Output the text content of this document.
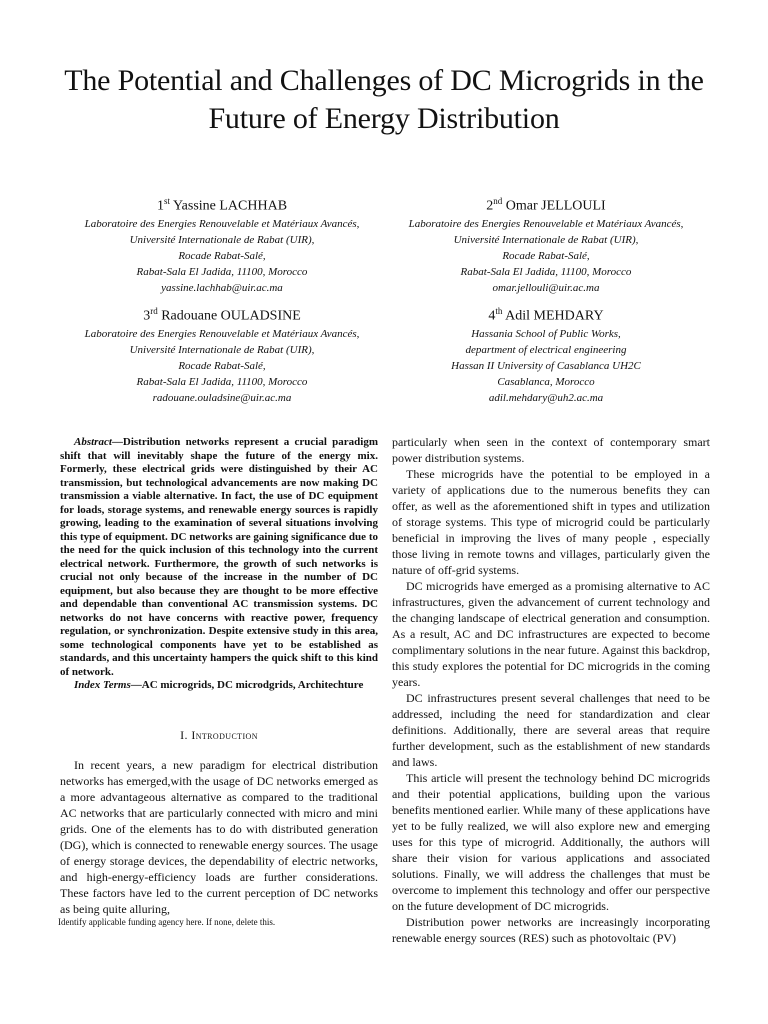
The Potential and Challenges of DC Microgrids in the Future of Energy Distribution
1st Yassine LACHHAB
Laboratoire des Energies Renouvelable et Matériaux Avancés,
Université Internationale de Rabat (UIR),
Rocade Rabat-Salé,
Rabat-Sala El Jadida, 11100, Morocco
yassine.lachhab@uir.ac.ma
2nd Omar JELLOULI
Laboratoire des Energies Renouvelable et Matériaux Avancés,
Université Internationale de Rabat (UIR),
Rocade Rabat-Salé,
Rabat-Sala El Jadida, 11100, Morocco
omar.jellouli@uir.ac.ma
3rd Radouane OULADSINE
Laboratoire des Energies Renouvelable et Matériaux Avancés,
Université Internationale de Rabat (UIR),
Rocade Rabat-Salé,
Rabat-Sala El Jadida, 11100, Morocco
radouane.ouladsine@uir.ac.ma
4th Adil MEHDARY
Hassania School of Public Works,
department of electrical engineering
Hassan II University of Casablanca UH2C
Casablanca, Morocco
adil.mehdary@uh2.ac.ma

Abstract—Distribution networks represent a crucial paradigm shift that will inevitably shape the future of the energy mix. Formerly, these electrical grids were distinguished by their AC transmission, but technological advancements are now making DC transmission a viable alternative. In fact, the use of DC equipment for loads, storage systems, and renewable energy sources is rapidly growing, leading to the examination of several situations involving this type of equipment. DC networks are gaining significance due to the need for the quick inclusion of this technology into the current electrical network. Furthermore, the growth of such networks is crucial not only because of the increase in the number of DC equipment, but also because they are thought to be more effective and dependable than conventional AC transmission systems. DC networks do not have concerns with reactive power, frequency regulation, or synchronization. Despite extensive study in this area, some technological components have yet to be established as standards, and this uncertainty hampers the quick shift to this kind of network.

Index Terms—AC microgrids, DC microdgrids, Architechture

I. Introduction

In recent years, a new paradigm for electrical distribution networks has emerged,with the usage of DC networks emerged as a more advantageous alternative as compared to the traditional AC networks that are particularly connected with micro and mini grids. One of the elements has to do with distributed generation (DG), which is connected to renewable energy sources. The usage of energy storage devices, the dependability of electric networks, and high-energy-efficiency loads are further considerations. These factors have led to the current perception of DC networks as being quite alluring,

particularly when seen in the context of contemporary smart power distribution systems.

These microgrids have the potential to be employed in a variety of applications due to the numerous benefits they can offer, as well as the aforementioned shift in types and utilization of storage systems. This type of microgrid could be particularly beneficial in improving the lives of many people , especially those living in remote towns and villages, particularly given the nature of off-grid systems.

DC microgrids have emerged as a promising alternative to AC infrastructures, given the advancement of current technology and the changing landscape of electrical generation and consumption. As a result, AC and DC infrastructures are expected to become complimentary solutions in the near future. Against this backdrop, this study explores the potential for DC microgrids in the coming years.

DC infrastructures present several challenges that need to be addressed, including the need for standardization and clear definitions. Additionally, there are several areas that require further development, such as the establishment of new standards and laws.

This article will present the technology behind DC microgrids and their potential applications, building upon the various benefits mentioned earlier. While many of these applications have yet to be fully realized, we will also explore new and emerging uses for this type of microgrid. Additionally, the authors will share their vision for various applications and associated solutions. Finally, we will address the challenges that must be overcome to implement this technology and offer our perspective on the future development of DC microgrids.

Distribution power networks are increasingly incorporating renewable energy sources (RES) such as photovoltaic (PV)

Identify applicable funding agency here. If none, delete this.
